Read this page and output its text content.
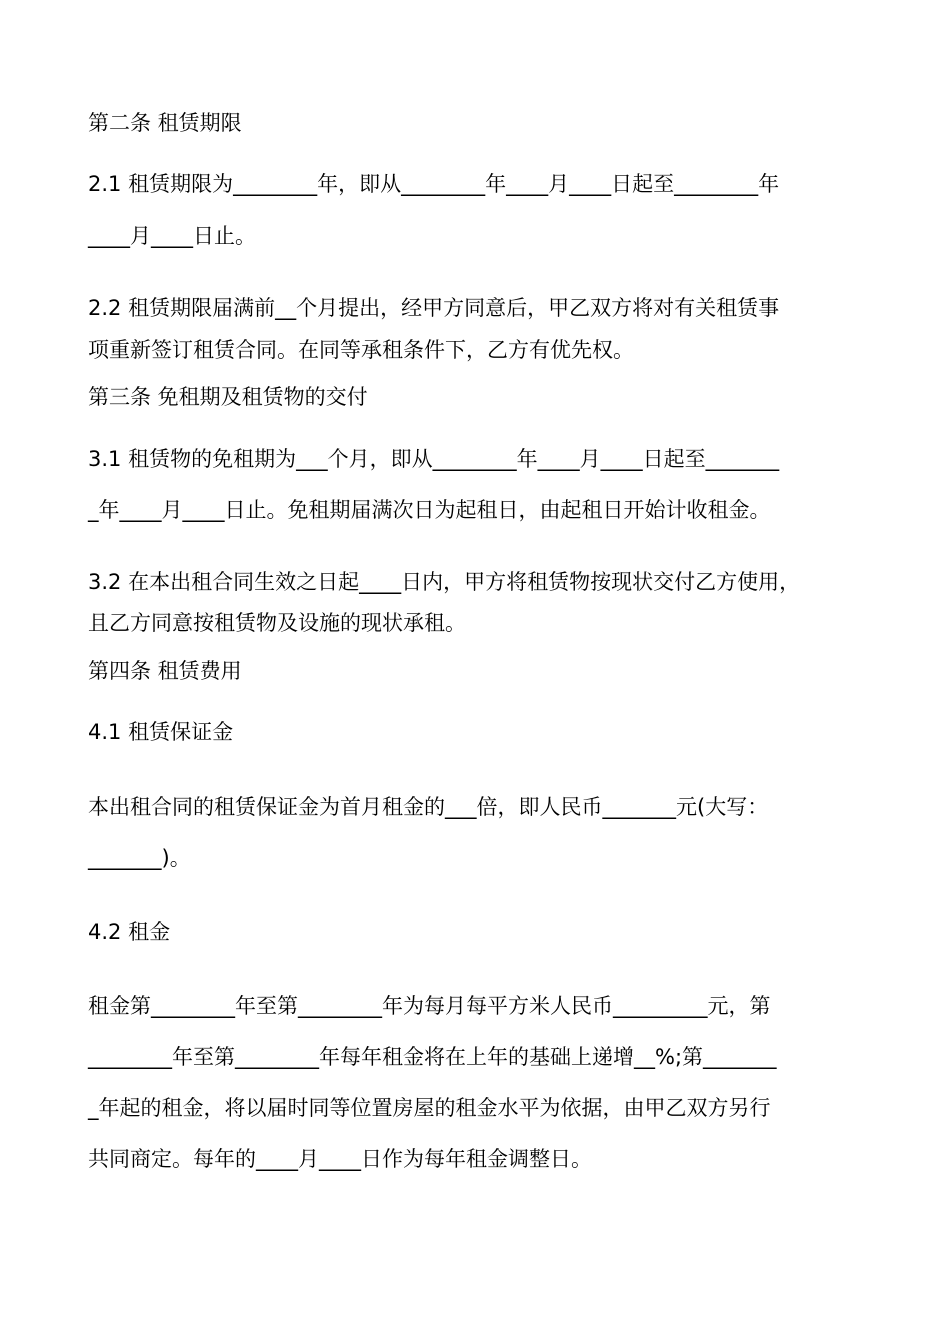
第二条 租赁期限
2.1 租赁期限为________年，即从________年____月____日起至________年
____月____日止。
2.2 租赁期限届满前__个月提出，经甲方同意后，甲乙双方将对有关租赁事
项重新签订租赁合同。在同等承租条件下，乙方有优先权。
第三条 免租期及租赁物的交付
3.1 租赁物的免租期为___个月，即从________年____月____日起至_______
_年____月____日止。免租期届满次日为起租日，由起租日开始计收租金。
3.2 在本出租合同生效之日起____日内，甲方将租赁物按现状交付乙方使用，
且乙方同意按租赁物及设施的现状承租。
第四条 租赁费用
4.1 租赁保证金
本出租合同的租赁保证金为首月租金的___倍，即人民币_______元(大写：
_______)。
4.2 租金
租金第________年至第________年为每月每平方米人民币_________元，第
________年至第________年每年租金将在上年的基础上递增__%;第_______
_年起的租金，将以届时同等位置房屋的租金水平为依据，由甲乙双方另行
共同商定。每年的____月____日作为每年租金调整日。
